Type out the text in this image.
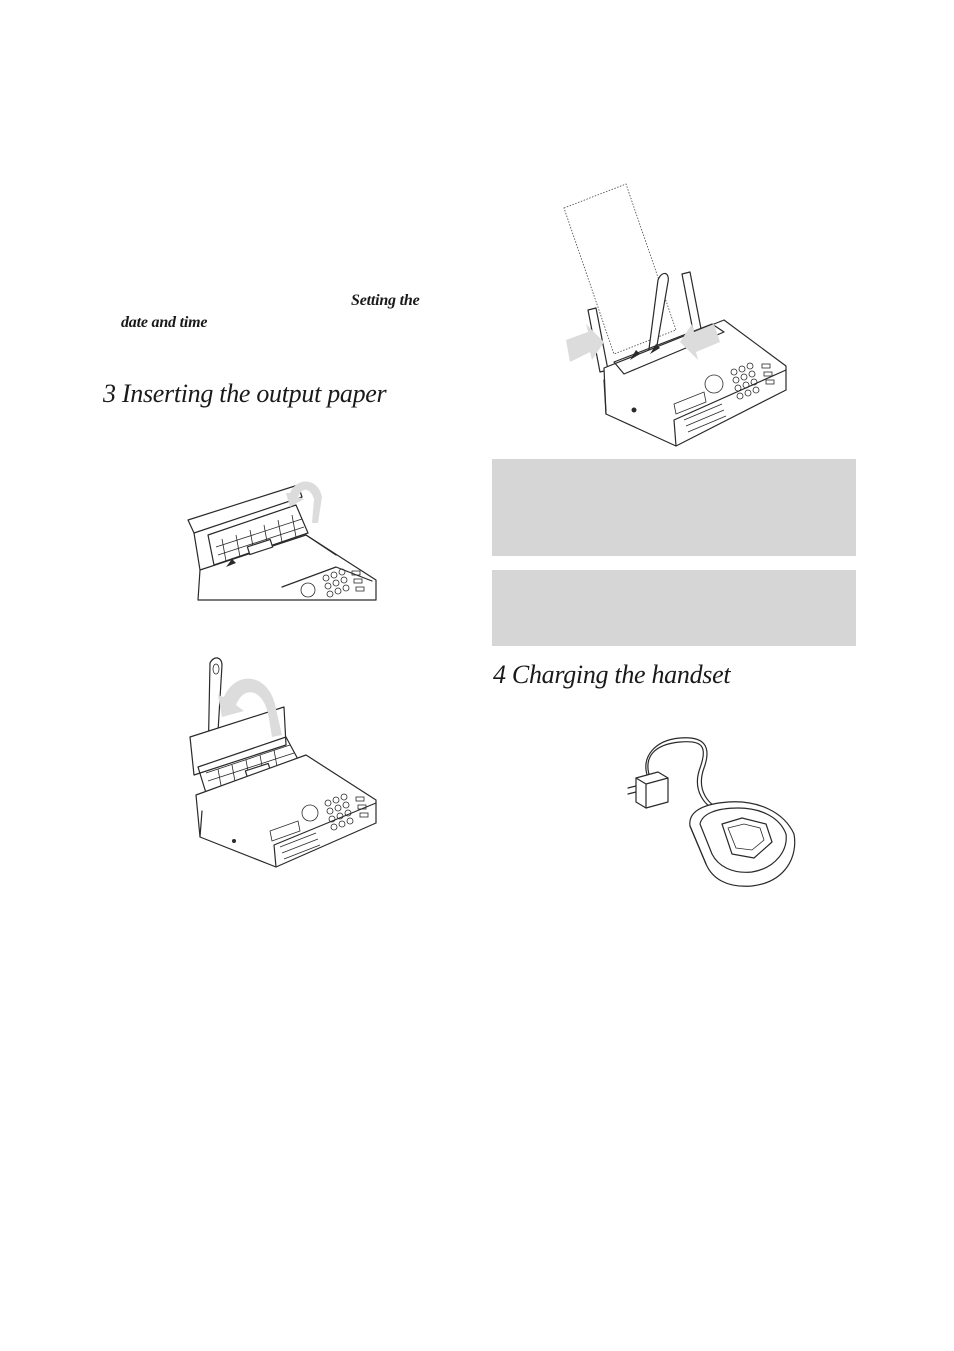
Setting the
date and time
3 Inserting the output paper
4 Charging the handset
